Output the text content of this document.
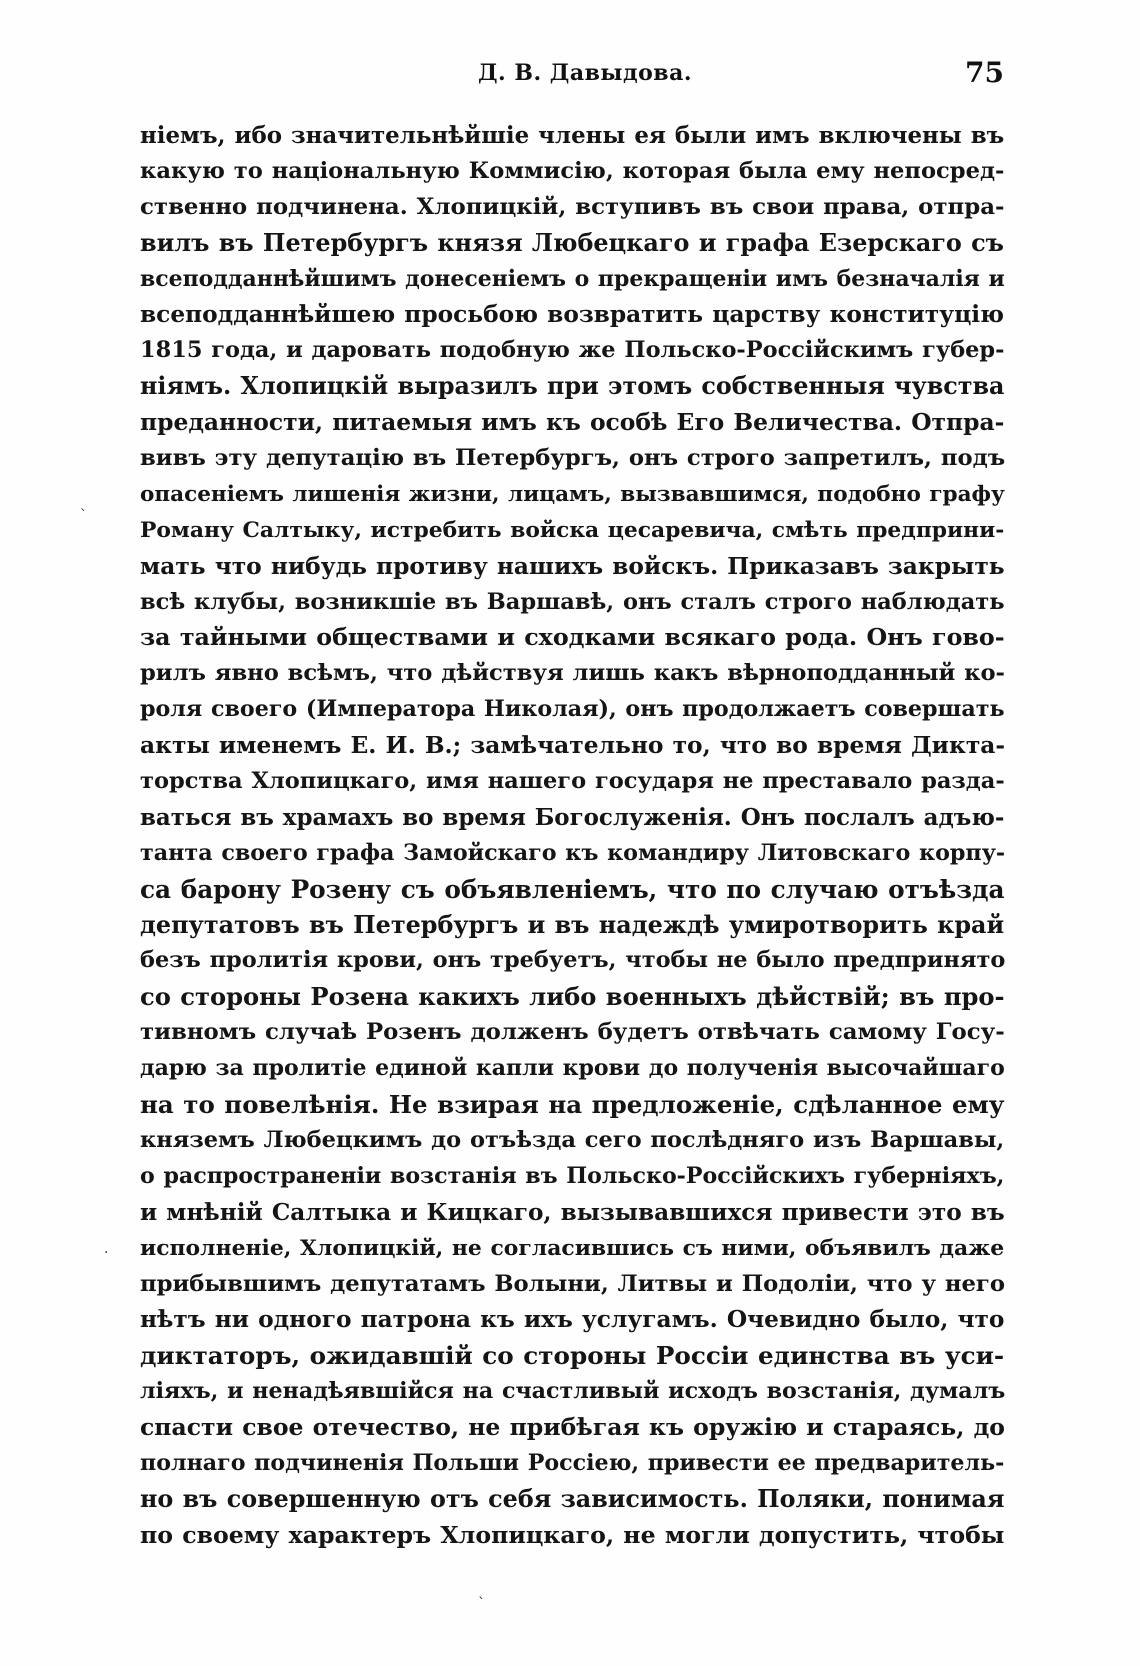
Д. В. Давыдова.	75
ніемъ, ибо значительнѣйшіе члены ея были имъ включены въ
какую то національную Коммисію, которая была ему непосред-
ственно подчинена. Хлопицкій, вступивъ въ свои права, отпра-
вилъ въ Петербургъ князя Любецкаго и графа Езерскаго съ
всеподданнѣйшимъ донесеніемъ о прекращеніи имъ безначалія и
всеподданнѣйшею просьбою возвратить царству конституцію
1815 года, и даровать подобную же Польско-Россійскимъ губер-
ніямъ. Хлопицкій выразилъ при этомъ собственныя чувства
преданности, питаемыя имъ къ особѣ Его Величества. Отпра-
вивъ эту депутацію въ Петербургъ, онъ строго запретилъ, подъ
опасеніемъ лишенія жизни, лицамъ, вызвавшимся, подобно графу
Роману Салтыку, истребить войска цесаревича, смѣть предприни-
мать что нибудь противу нашихъ войскъ. Приказавъ закрыть
всѣ клубы, возникшіе въ Варшавѣ, онъ сталъ строго наблюдать
за тайными обществами и сходками всякаго рода. Онъ гово-
рилъ явно всѣмъ, что дѣйствуя лишь какъ вѣрноподданный ко-
роля своего (Императора Николая), онъ продолжаетъ совершать
акты именемъ Е. И. В.; замѣчательно то, что во время Дикта-
торства Хлопицкаго, имя нашего государя не преставало разда-
ваться въ храмахъ во время Богослуженія. Онъ послалъ адъю-
танта своего графа Замойскаго къ командиру Литовскаго корпу-
са барону Розену съ объявленіемъ, что по случаю отъѣзда
депутатовъ въ Петербургъ и въ надеждѣ умиротворить край
безъ пролитія крови, онъ требуетъ, чтобы не было предпринято
со стороны Розена какихъ либо военныхъ дѣйствій; въ про-
тивномъ случаѣ Розенъ долженъ будетъ отвѣчать самому Госу-
дарю за пролитіе единой капли крови до полученія высочайшаго
на то повелѣнія. Не взирая на предложеніе, сдѣланное ему
княземъ Любецкимъ до отъѣзда сего послѣдняго изъ Варшавы,
о распространеніи возстанія въ Польско-Россійскихъ губерніяхъ,
и мнѣній Салтыка и Кицкаго, вызывавшихся привести это въ
исполненіе, Хлопицкій, не согласившись съ ними, объявилъ даже
прибывшимъ депутатамъ Волыни, Литвы и Подоліи, что у него
нѣтъ ни одного патрона къ ихъ услугамъ. Очевидно было, что
диктаторъ, ожидавшій со стороны Россіи единства въ уси-
ліяхъ, и ненадѣявшійся на счастливый исходъ возстанія, думалъ
спасти свое отечество, не прибѣгая къ оружію и стараясь, до
полнаго подчиненія Польши Россіею, привести ее предваритель-
но въ совершенную отъ себя зависимость. Поляки, понимая
по своему характеръ Хлопицкаго, не могли допустить, чтобы
ˋ
·
ˋ
